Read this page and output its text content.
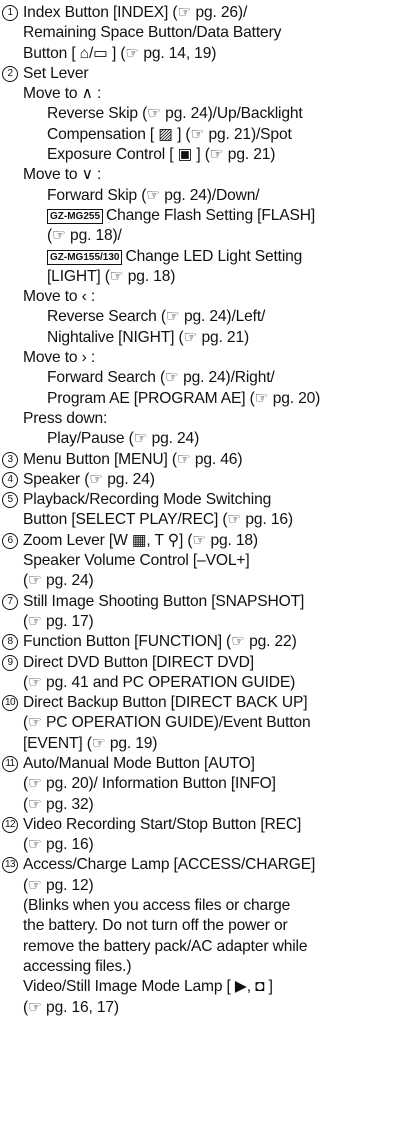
1 Index Button [INDEX] (☞ pg. 26)/
Remaining Space Button/Data Battery
Button [ ⌂/▭ ] (☞ pg. 14, 19)
2 Set Lever
Move to ∧ :
Reverse Skip (☞ pg. 24)/Up/Backlight
Compensation [ ▨ ] (☞ pg. 21)/Spot
Exposure Control [ ▣ ] (☞ pg. 21)
Move to ∨ :
Forward Skip (☞ pg. 24)/Down/
GZ-MG255 Change Flash Setting [FLASH]
(☞ pg. 18)/
GZ-MG155/130 Change LED Light Setting
[LIGHT] (☞ pg. 18)
Move to ‹ :
Reverse Search (☞ pg. 24)/Left/
Nightalive [NIGHT] (☞ pg. 21)
Move to › :
Forward Search (☞ pg. 24)/Right/
Program AE [PROGRAM AE] (☞ pg. 20)
Press down:
Play/Pause (☞ pg. 24)
3 Menu Button [MENU] (☞ pg. 46)
4 Speaker (☞ pg. 24)
5 Playback/Recording Mode Switching
Button [SELECT PLAY/REC] (☞ pg. 16)
6 Zoom Lever [W ▦, T ⚲] (☞ pg. 18)
Speaker Volume Control [–VOL+]
(☞ pg. 24)
7 Still Image Shooting Button [SNAPSHOT]
(☞ pg. 17)
8 Function Button [FUNCTION] (☞ pg. 22)
9 Direct DVD Button [DIRECT DVD]
(☞ pg. 41 and PC OPERATION GUIDE)
10 Direct Backup Button [DIRECT BACK UP]
(☞ PC OPERATION GUIDE)/Event Button
[EVENT] (☞ pg. 19)
11 Auto/Manual Mode Button [AUTO]
(☞ pg. 20)/ Information Button [INFO]
(☞ pg. 32)
12 Video Recording Start/Stop Button [REC]
(☞ pg. 16)
13 Access/Charge Lamp [ACCESS/CHARGE]
(☞ pg. 12)
(Blinks when you access files or charge
the battery. Do not turn off the power or
remove the battery pack/AC adapter while
accessing files.)
Video/Still Image Mode Lamp [ ▶, ◘ ]
(☞ pg. 16, 17)
